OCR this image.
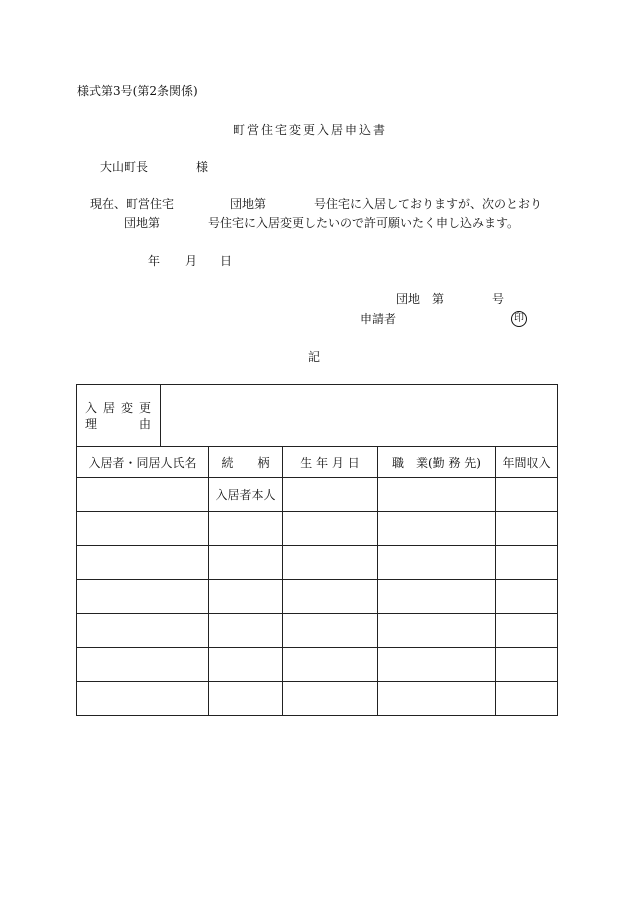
様式第3号(第2条関係)
町営住宅変更入居申込書
大山町長	様
現在、町営住宅	団地第	号住宅に入居しておりますが、次のとおり
団地第	号住宅に入居変更したいので許可願いたく申し込みます。
年 月 日
団地 第	号
申請者	印
記
入居変更
理　　由					
入居者・同居人氏名		続　　柄	生 年 月 日	職　業(勤 務 先)	年間収入
		入居者本人			
